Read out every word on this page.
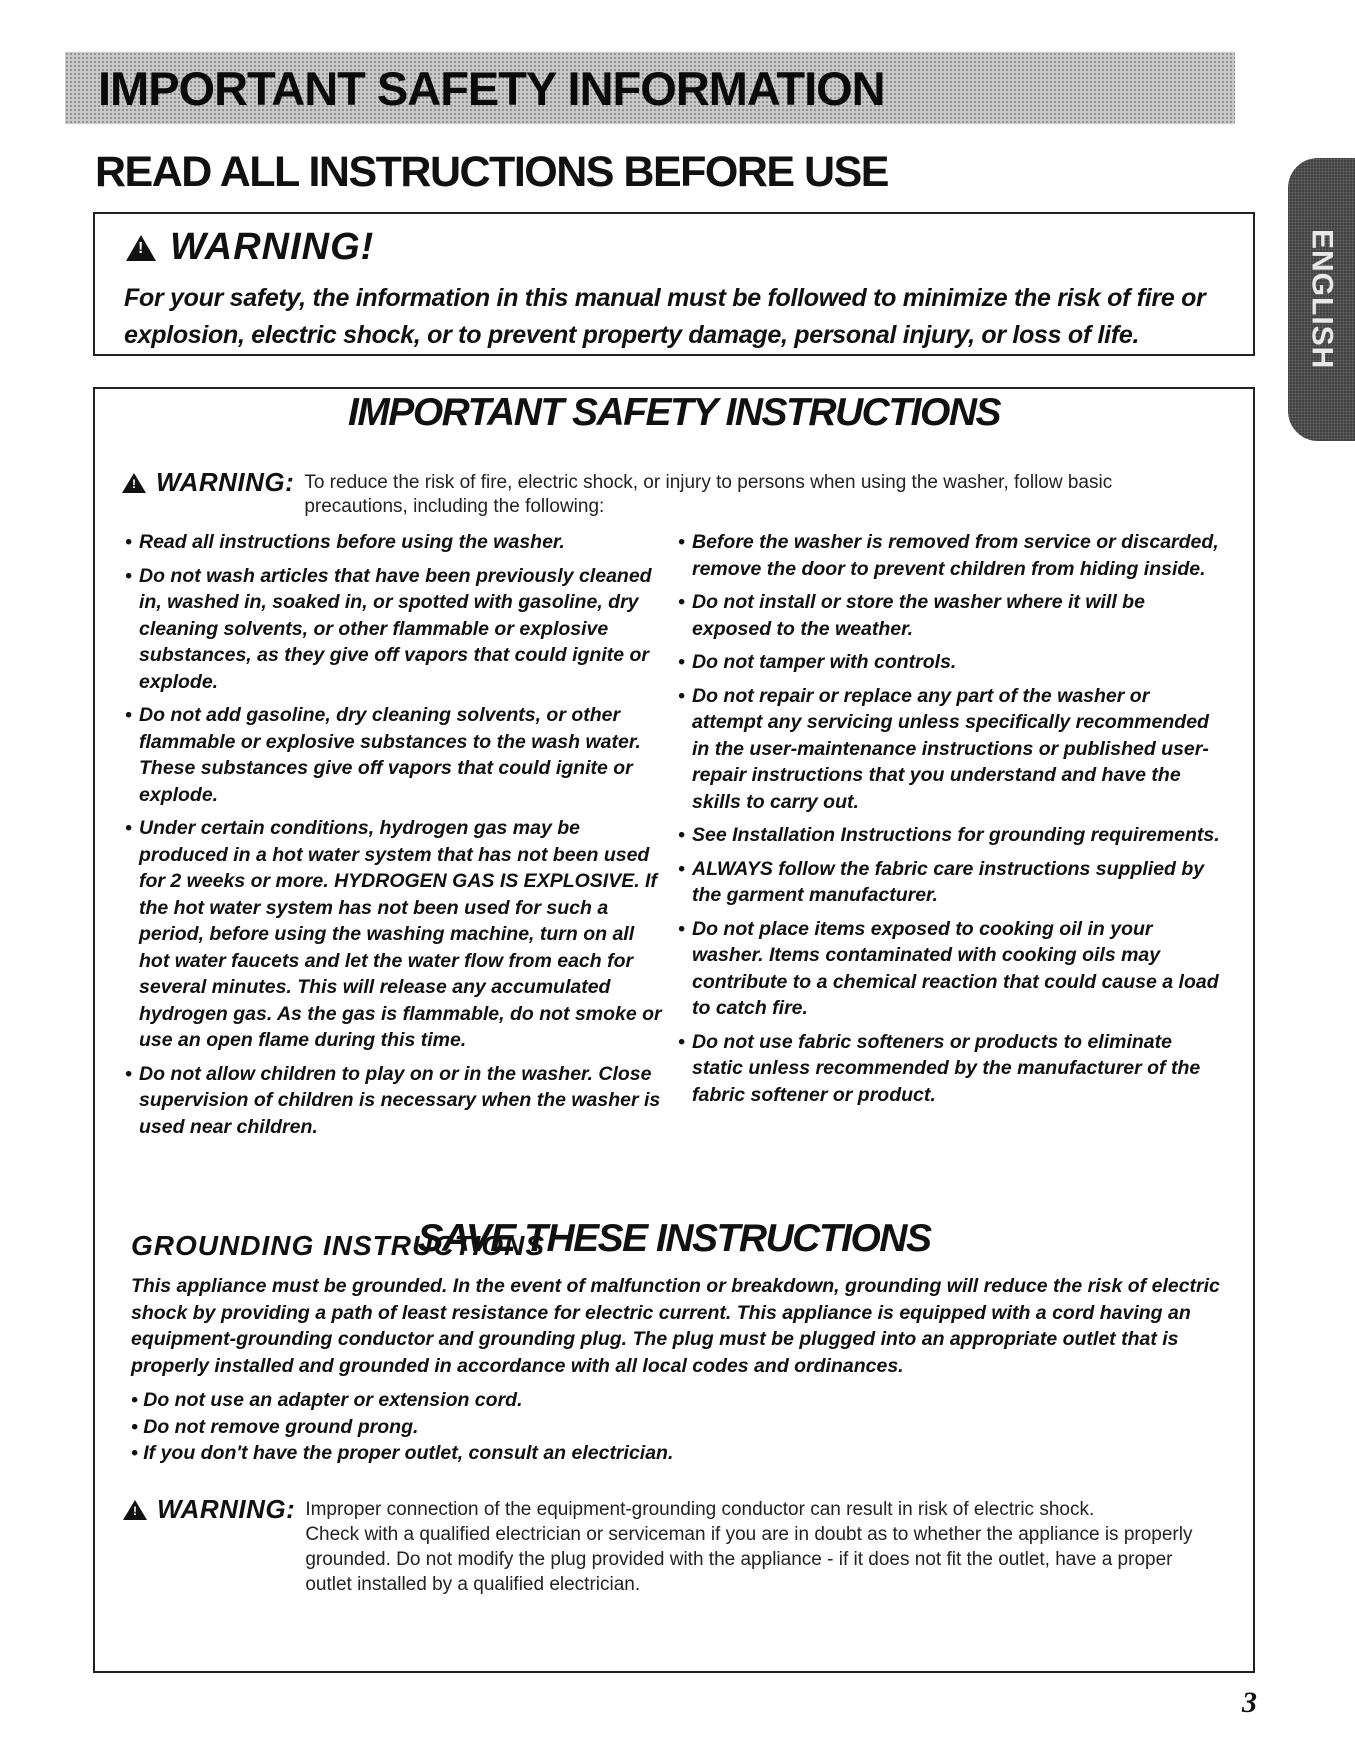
IMPORTANT SAFETY INFORMATION
ENGLISH
READ ALL INSTRUCTIONS BEFORE USE
!
WARNING!

For your safety, the information in this manual must be followed to minimize the risk of fire or explosion, electric shock, or to prevent property damage, personal injury, or loss of life.

IMPORTANT SAFETY INSTRUCTIONS
!
WARNING: To reduce the risk of fire, electric shock, or injury to persons when using the washer, follow basic
precautions, including the following:
• Read all instructions before using the washer.
• Do not wash articles that have been previously cleaned in, washed in, soaked in, or spotted with gasoline, dry cleaning solvents, or other flammable or explosive substances, as they give off vapors that could ignite or explode.
• Do not add gasoline, dry cleaning solvents, or other flammable or explosive substances to the wash water. These substances give off vapors that could ignite or explode.
• Under certain conditions, hydrogen gas may be produced in a hot water system that has not been used for 2 weeks or more. HYDROGEN GAS IS EXPLOSIVE. If the hot water system has not been used for such a period, before using the washing machine, turn on all hot water faucets and let the water flow from each for several minutes. This will release any accumulated hydrogen gas. As the gas is flammable, do not smoke or use an open flame during this time.
• Do not allow children to play on or in the washer. Close supervision of children is necessary when the washer is used near children.
• Before the washer is removed from service or discarded, remove the door to prevent children from hiding inside.
• Do not install or store the washer where it will be exposed to the weather.
• Do not tamper with controls.
• Do not repair or replace any part of the washer or attempt any servicing unless specifically recommended in the user-maintenance instructions or published user-repair instructions that you understand and have the skills to carry out.
• See Installation Instructions for grounding requirements.
• ALWAYS follow the fabric care instructions supplied by the garment manufacturer.
• Do not place items exposed to cooking oil in your washer. Items contaminated with cooking oils may contribute to a chemical reaction that could cause a load to catch fire.
• Do not use fabric softeners or products to eliminate static unless recommended by the manufacturer of the fabric softener or product.
SAVE THESE INSTRUCTIONS
GROUNDING INSTRUCTIONS

This appliance must be grounded. In the event of malfunction or breakdown, grounding will reduce the risk of electric shock by providing a path of least resistance for electric current. This appliance is equipped with a cord having an equipment-grounding conductor and grounding plug. The plug must be plugged into an appropriate outlet that is properly installed and grounded in accordance with all local codes and ordinances.

• Do not use an adapter or extension cord.
• Do not remove ground prong.
• If you don't have the proper outlet, consult an electrician.
!
WARNING: Improper connection of the equipment-grounding conductor can result in risk of electric shock.
Check with a qualified electrician or serviceman if you are in doubt as to whether the appliance is properly grounded. Do not modify the plug provided with the appliance - if it does not fit the outlet, have a proper outlet installed by a qualified electrician.
3
